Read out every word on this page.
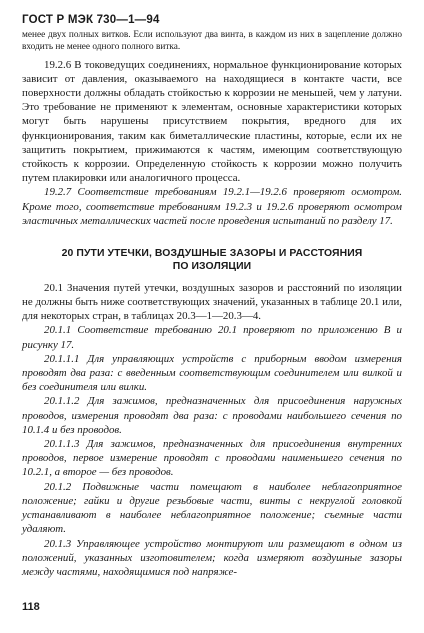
ГОСТ Р МЭК 730—1—94

менее двух полных витков. Если используют два винта, в каждом из них в зацепление должно входить не менее одного полного витка.

19.2.6 В токоведущих соединениях, нормальное функционирование которых зависит от давления, оказываемого на находящиеся в контакте части, все поверхности должны обладать стойкостью к коррозии не меньшей, чем у латуни. Это требование не применяют к элементам, основные характеристики которых могут быть нарушены присутствием покрытия, вредного для их функционирования, таким как биметаллические пластины, которые, если их не защитить покрытием, прижимаются к частям, имеющим соответствующую стойкость к коррозии. Определенную стойкость к коррозии можно получить путем плакировки или аналогичного процесса.

19.2.7 Соответствие требованиям 19.2.1—19.2.6 проверяют осмотром. Кроме того, соответствие требованиям 19.2.3 и 19.2.6 проверяют осмотром эластичных металлических частей после проведения испытаний по разделу 17.

20 ПУТИ УТЕЧКИ, ВОЗДУШНЫЕ ЗАЗОРЫ И РАССТОЯНИЯ
ПО ИЗОЛЯЦИИ

20.1 Значения путей утечки, воздушных зазоров и расстояний по изоляции не должны быть ниже соответствующих значений, указанных в таблице 20.1 или, для некоторых стран, в таблицах 20.3—1—20.3—4.

20.1.1 Соответствие требованию 20.1 проверяют по приложению В и рисунку 17.

20.1.1.1 Для управляющих устройств с приборным вводом измерения проводят два раза: с введенным соответствующим соединителем или вилкой и без соединителя или вилки.

20.1.1.2 Для зажимов, предназначенных для присоединения наружных проводов, измерения проводят два раза: с проводами наибольшего сечения по 10.1.4 и без проводов.

20.1.1.3 Для зажимов, предназначенных для присоединения внутренних проводов, первое измерение проводят с проводами наименьшего сечения по 10.2.1, а второе — без проводов.

20.1.2 Подвижные части помещают в наиболее неблагоприятное положение; гайки и другие резьбовые части, винты с некруглой головкой устанавливают в наиболее неблагоприятное положение; съемные части удаляют.

20.1.3 Управляющее устройство монтируют или размещают в одном из положений, указанных изготовителем; когда измеряют воздушные зазоры между частями, находящимися под напряже-

118
